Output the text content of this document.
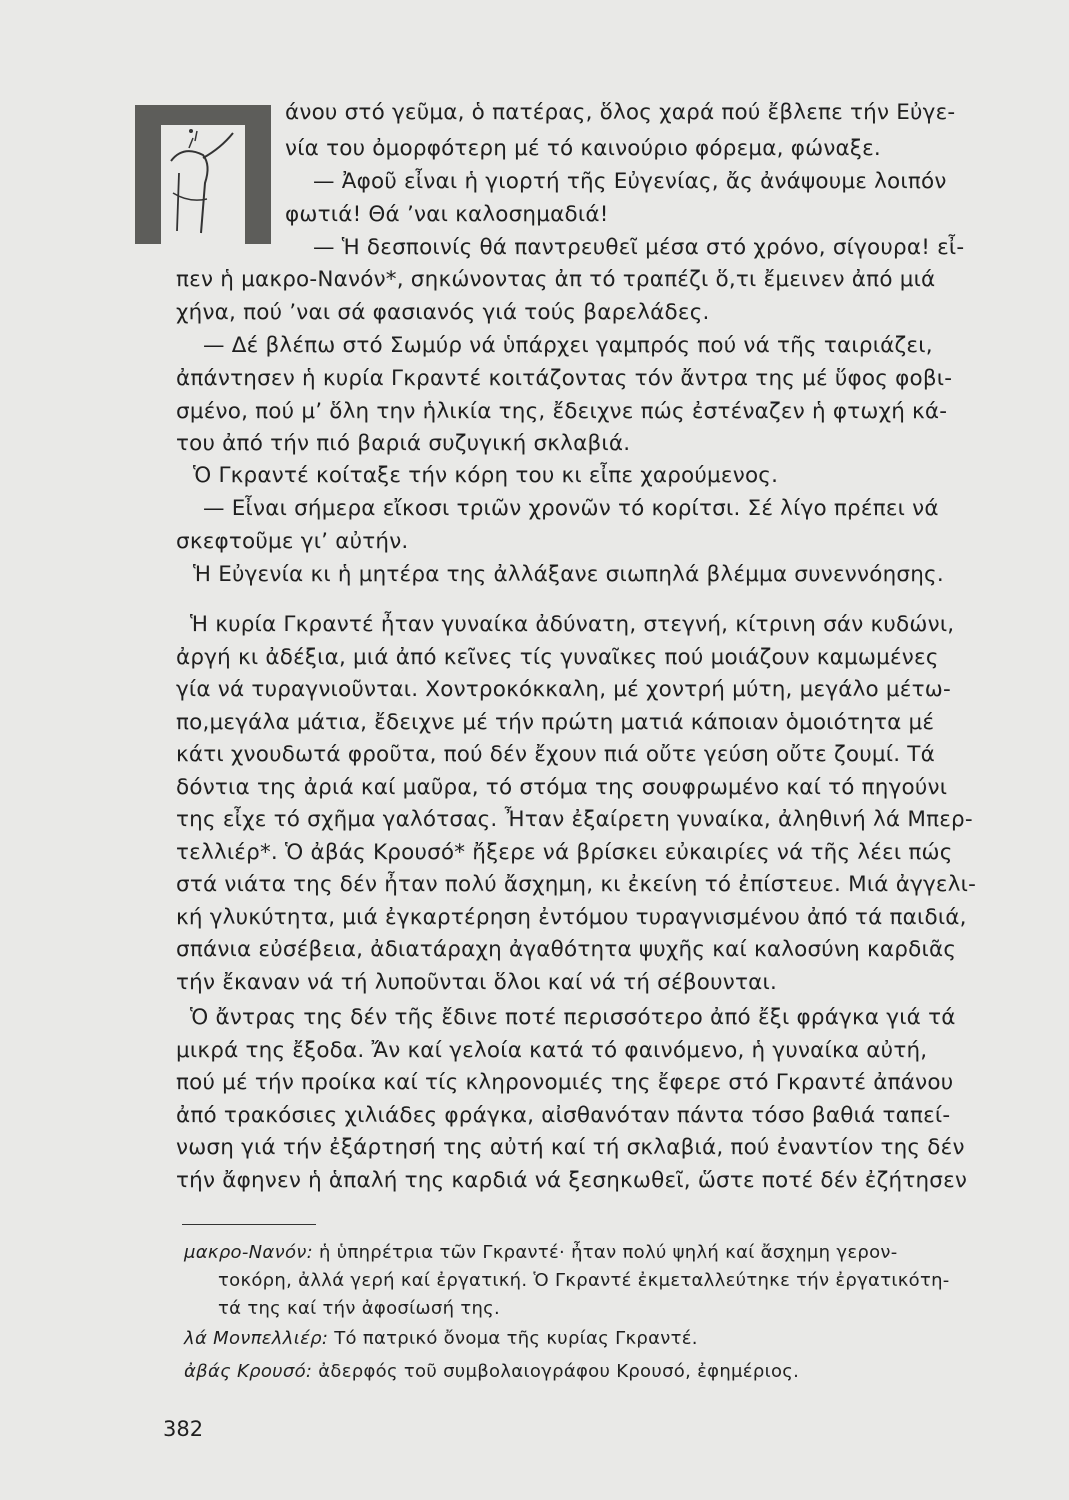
άνου στό γεῦμα, ὁ πατέρας, ὅλος χαρά πού ἔβλεπε τήν Εὐγε-
νία του ὀμορφότερη μέ τό καινούριο φόρεμα, φώναξε.
— Ἀφοῦ εἶναι ἡ γιορτή τῆς Εὐγενίας, ἄς ἀνάψουμε λοιπόν
φωτιά! Θά ’ναι καλοσημαδιά!
— Ἡ δεσποινίς θά παντρευθεῖ μέσα στό χρόνο, σίγουρα! εἶ-
πεν ἡ μακρο-Νανόν*, σηκώνοντας ἀπ τό τραπέζι ὅ,τι ἔμεινεν ἀπό μιά
χήνα, πού ’ναι σά φασιανός γιά τούς βαρελάδες.
— Δέ βλέπω στό Σωμύρ νά ὑπάρχει γαμπρός πού νά τῆς ταιριάζει,
ἀπάντησεν ἡ κυρία Γκραντέ κοιτάζοντας τόν ἄντρα της μέ ὕφος φοβι-
σμένο, πού μ’ ὅλη την ἡλικία της, ἔδειχνε πώς ἐστέναζεν ἡ φτωχή κά-
του ἀπό τήν πιό βαριά συζυγική σκλαβιά.
Ὁ Γκραντέ κοίταξε τήν κόρη του κι εἶπε χαρούμενος.
— Εἶναι σήμερα εἴκοσι τριῶν χρονῶν τό κορίτσι. Σέ λίγο πρέπει νά
σκεφτοῦμε γι’ αὐτήν.
Ἡ Εὐγενία κι ἡ μητέρα της ἀλλάξανε σιωπηλά βλέμμα συνεννόησης.
Ἡ κυρία Γκραντέ ἦταν γυναίκα ἀδύνατη, στεγνή, κίτρινη σάν κυδώνι,
ἀργή κι ἀδέξια, μιά ἀπό κεῖνες τίς γυναῖκες πού μοιάζουν καμωμένες
γία νά τυραγνιοῦνται. Χοντροκόκκαλη, μέ χοντρή μύτη, μεγάλο μέτω-
πο,μεγάλα μάτια, ἔδειχνε μέ τήν πρώτη ματιά κάποιαν ὁμοιότητα μέ
κάτι χνουδωτά φροῦτα, πού δέν ἔχουν πιά οὔτε γεύση οὔτε ζουμί. Τά
δόντια της ἀριά καί μαῦρα, τό στόμα της σουφρωμένο καί τό πηγούνι
της εἶχε τό σχῆμα γαλότσας. Ἦταν ἐξαίρετη γυναίκα, ἀληθινή λά Μπερ-
τελλιέρ*. Ὁ ἀβάς Κρουσό* ἤξερε νά βρίσκει εὐκαιρίες νά τῆς λέει πώς
στά νιάτα της δέν ἦταν πολύ ἄσχημη, κι ἐκείνη τό ἐπίστευε. Μιά ἀγγελι-
κή γλυκύτητα, μιά ἐγκαρτέρηση ἐντόμου τυραγνισμένου ἀπό τά παιδιά,
σπάνια εὐσέβεια, ἀδιατάραχη ἀγαθότητα ψυχῆς καί καλοσύνη καρδιᾶς
τήν ἔκαναν νά τή λυποῦνται ὅλοι καί νά τή σέβουνται.
Ὁ ἄντρας της δέν τῆς ἔδινε ποτέ περισσότερο ἀπό ἔξι φράγκα γιά τά
μικρά της ἔξοδα. Ἄν καί γελοία κατά τό φαινόμενο, ἡ γυναίκα αὐτή,
πού μέ τήν προίκα καί τίς κληρονομιές της ἔφερε στό Γκραντέ ἀπάνου
ἀπό τρακόσιες χιλιάδες φράγκα, αἰσθανόταν πάντα τόσο βαθιά ταπεί-
νωση γιά τήν ἐξάρτησή της αὐτή καί τή σκλαβιά, πού ἐναντίον της δέν
τήν ἄφηνεν ἡ ἁπαλή της καρδιά νά ξεσηκωθεῖ, ὥστε ποτέ δέν ἐζήτησεν
μακρο-Νανόν: ἡ ὑπηρέτρια τῶν Γκραντέ· ἦταν πολύ ψηλή καί ἄσχημη γερον-
τοκόρη, ἀλλά γερή καί ἐργατική. Ὁ Γκραντέ ἐκμεταλλεύτηκε τήν ἐργατικότη-
τά της καί τήν ἀφοσίωσή της.
λά Μονπελλιέρ: Τό πατρικό ὄνομα τῆς κυρίας Γκραντέ.
ἀβάς Κρουσό: ἀδερφός τοῦ συμβολαιογράφου Κρουσό, ἐφημέριος.
382
